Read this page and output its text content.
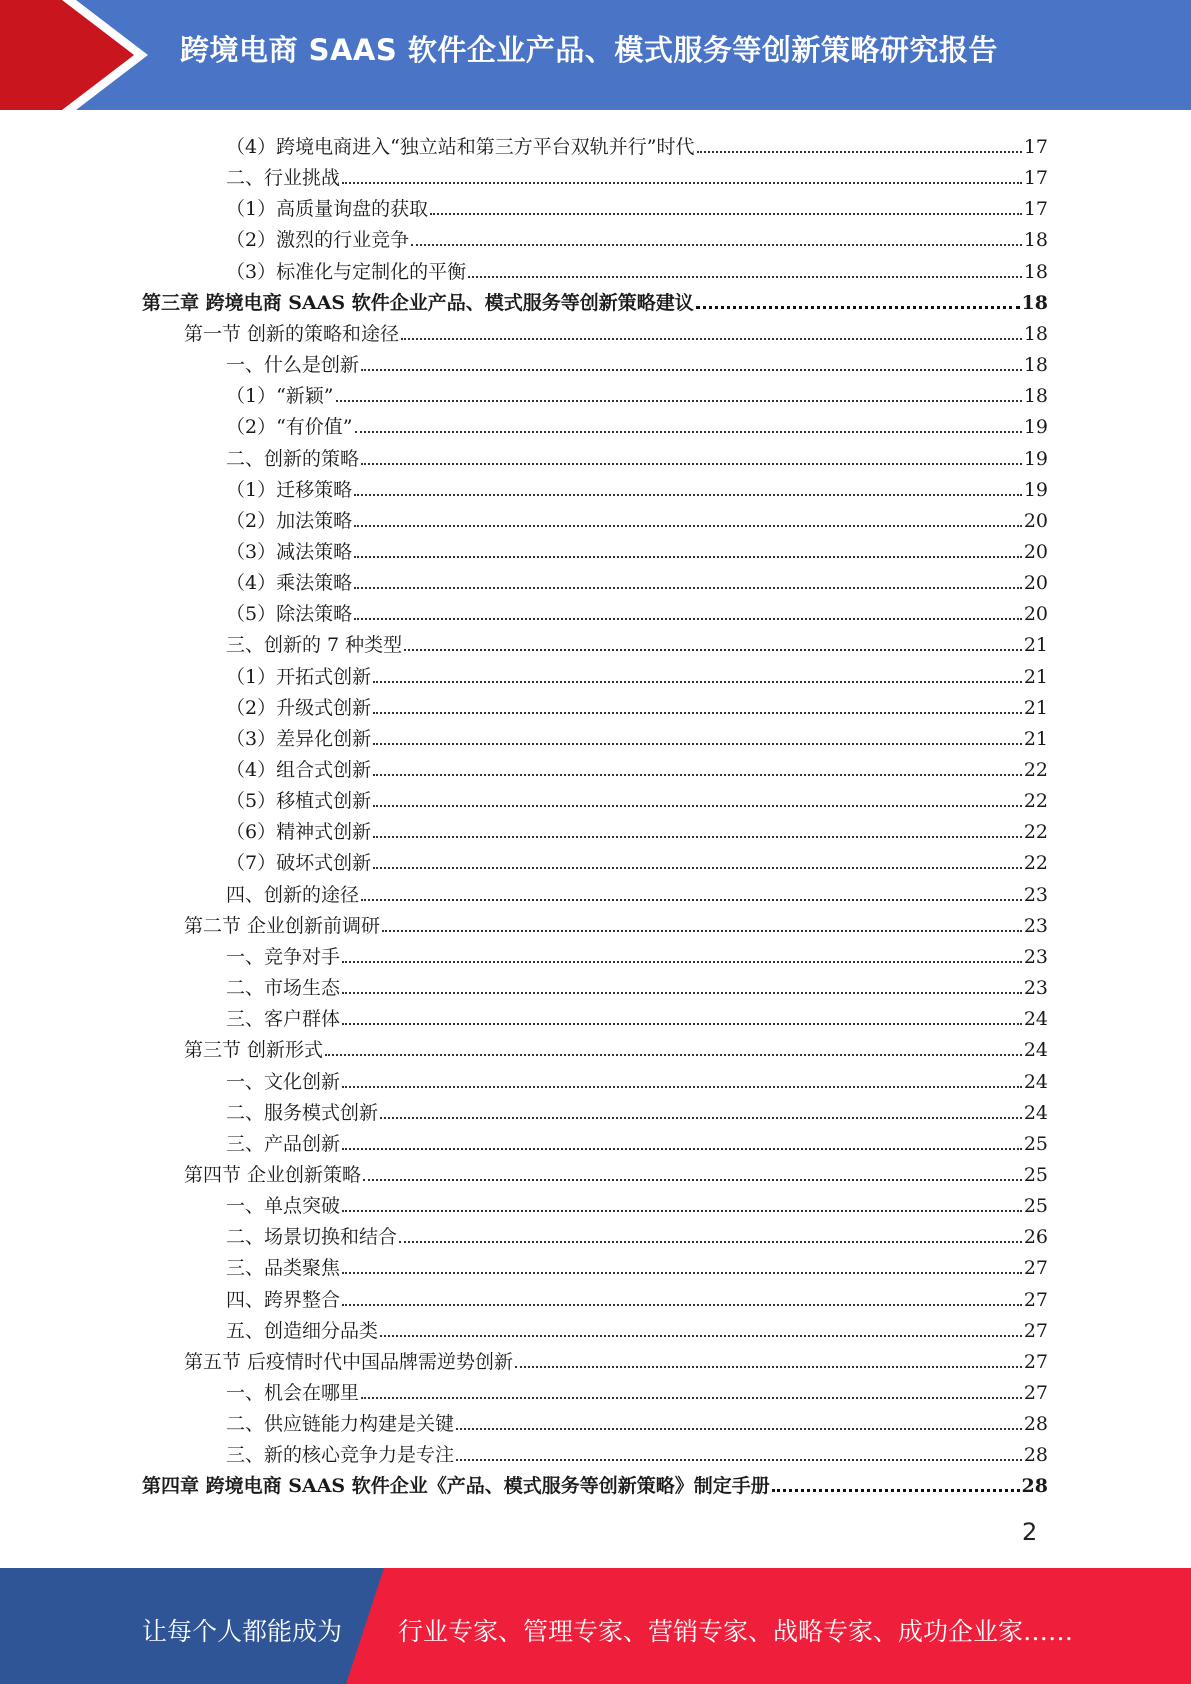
跨境电商 SAAS 软件企业产品、模式服务等创新策略研究报告
（4）跨境电商进入“独立站和第三方平台双轨并行”时代	17
二、行业挑战	17
（1）高质量询盘的获取	17
（2）激烈的行业竞争	18
（3）标准化与定制化的平衡	18
第三章 跨境电商 SAAS 软件企业产品、模式服务等创新策略建议	18
第一节 创新的策略和途径	18
一、什么是创新	18
（1）“新颖”	18
（2）“有价值”	19
二、创新的策略	19
（1）迁移策略	19
（2）加法策略	20
（3）减法策略	20
（4）乘法策略	20
（5）除法策略	20
三、创新的 7 种类型	21
（1）开拓式创新	21
（2）升级式创新	21
（3）差异化创新	21
（4）组合式创新	22
（5）移植式创新	22
（6）精神式创新	22
（7）破坏式创新	22
四、创新的途径	23
第二节 企业创新前调研	23
一、竞争对手	23
二、市场生态	23
三、客户群体	24
第三节 创新形式	24
一、文化创新	24
二、服务模式创新	24
三、产品创新	25
第四节 企业创新策略	25
一、单点突破	25
二、场景切换和结合	26
三、品类聚焦	27
四、跨界整合	27
五、创造细分品类	27
第五节 后疫情时代中国品牌需逆势创新	27
一、机会在哪里	27
二、供应链能力构建是关键	28
三、新的核心竞争力是专注	28
第四章 跨境电商 SAAS 软件企业《产品、模式服务等创新策略》制定手册	28
2
让每个人都能成为 行业专家、管理专家、营销专家、战略专家、成功企业家……
